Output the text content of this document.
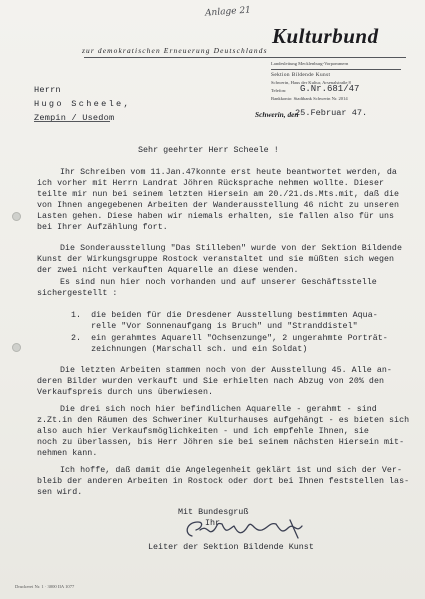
Anlage 21
Kulturbund
zur demokratischen Erneuerung Deutschlands
Landesleitung Mecklenburg-Vorpommern
Sektion Bildende Kunst
Schwerin, Haus der Kultur, Arsenalstraße 8
Telefon: G.Nr.681/47
Bankkonto: Stadtbank Schwerin Nr. 2014
Herrn
Hugo Scheele,
Zempin / Usedom	Schwerin, den
25.Februar 47.
Sehr geehrter Herr Scheele !
Ihr Schreiben vom 11.Jan.47konnte erst heute beantwortet werden, da
ich vorher mit Herrn Landrat Jöhren Rücksprache nehmen wollte. Dieser
teilte mir nun bei seinem letzten Hiersein am 20./21.ds.Mts.mit, daß die
von Ihnen angegebenen Arbeiten der Wanderausstellung 46 nicht zu unseren
Lasten gehen. Diese haben wir niemals erhalten, sie fallen also für uns
bei Ihrer Aufzählung fort.
Die Sonderausstellung "Das Stilleben" wurde von der Sektion Bildende
Kunst der Wirkungsgruppe Rostock veranstaltet und sie müßten sich wegen
der zwei nicht verkauften Aquarelle an diese wenden.
Es sind nun hier noch vorhanden und auf unserer Geschäftsstelle
sichergestellt :
1.  die beiden für die Dresdener Ausstellung bestimmten Aqua-
relle "Vor Sonnenaufgang is Bruch" und "Stranddistel"
2.  ein gerahmtes Aquarell "Ochsenzunge", 2 ungerahmte Porträt-
zeichnungen (Marschall sch. und ein Soldat)
Die letzten Arbeiten stammen noch von der Ausstellung 45. Alle an-
deren Bilder wurden verkauft und Sie erhielten nach Abzug von 20% den
Verkaufspreis durch uns überwiesen.
Die drei sich noch hier befindlichen Aquarelle - gerahmt - sind
z.Zt.in den Räumen des Schweriner Kulturhauses aufgehängt - es bieten sich
also auch hier Verkaufsmöglichkeiten - und ich empfehle Ihnen, sie
noch zu überlassen, bis Herr Jöhren sie bei seinem nächsten Hiersein mit-
nehmen kann.
Ich hoffe, daß damit die Angelegenheit geklärt ist und sich der Ver-
bleib der anderen Arbeiten in Rostock oder dort bei Ihnen feststellen las-
sen wird.
Mit Bundesgruß
Ihr
Leiter der Sektion Bildende Kunst
Druckerei Nr. 1 · 3000 IIA 1077
